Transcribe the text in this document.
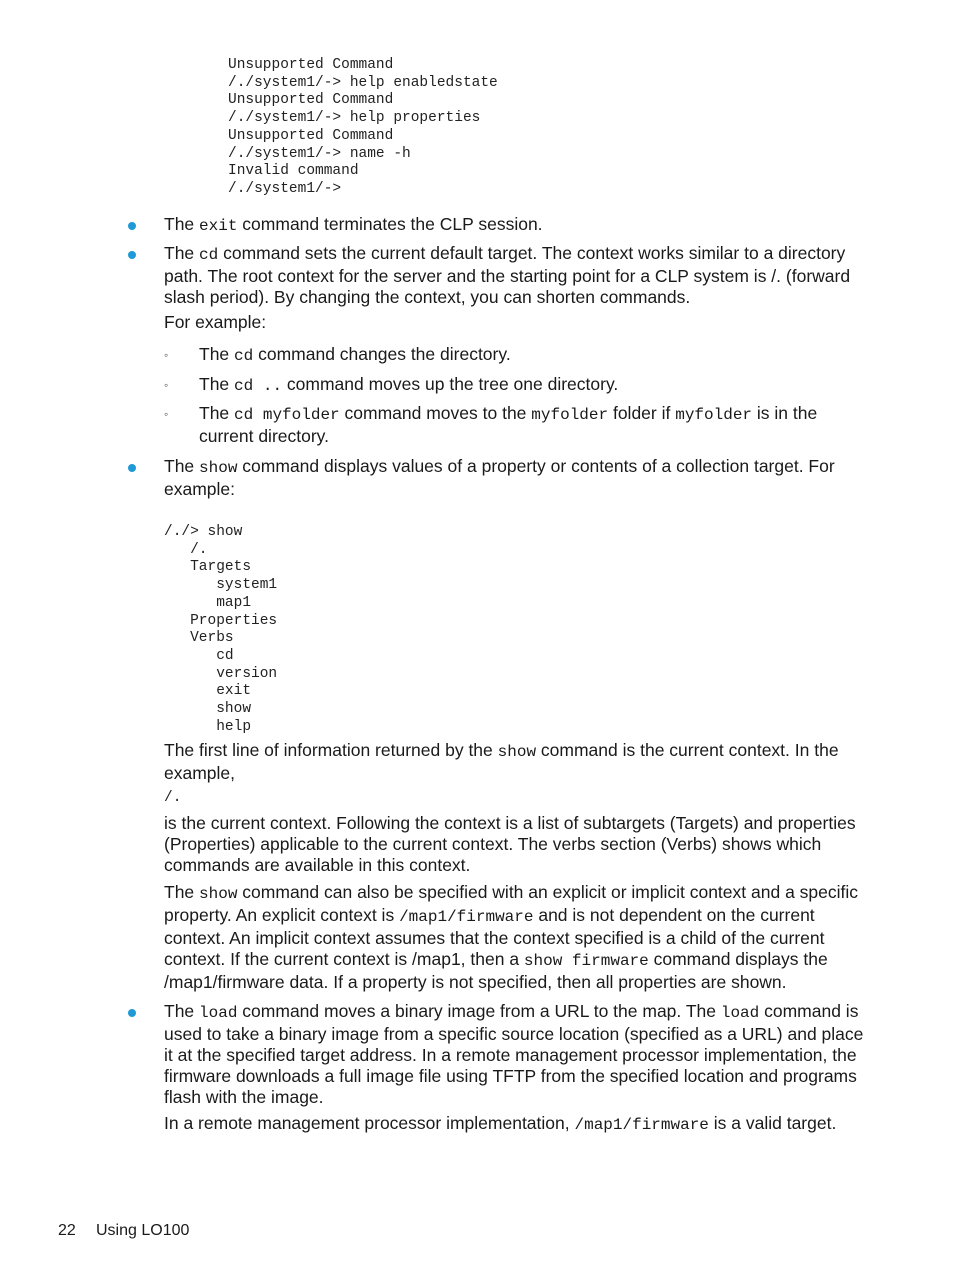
Unsupported Command
/./system1/-> help enabledstate
Unsupported Command
/./system1/-> help properties
Unsupported Command
/./system1/-> name -h
Invalid command
/./system1/->

The exit command terminates the CLP session.

The cd command sets the current default target. The context works similar to a directory path. The root context for the server and the starting point for a CLP system is /. (forward slash period). By changing the context, you can shorten commands.

For example:

◦ The cd command changes the directory.

◦ The cd .. command moves up the tree one directory.

◦ The cd myfolder command moves to the myfolder folder if myfolder is in the current directory.

The show command displays values of a property or contents of a collection target. For example:

/./> show
/.
Targets
system1
map1
Properties
Verbs
cd
version
exit
show
help

The first line of information returned by the show command is the current context. In the example,

/.

is the current context. Following the context is a list of subtargets (Targets) and properties (Properties) applicable to the current context. The verbs section (Verbs) shows which commands are available in this context.

The show command can also be specified with an explicit or implicit context and a specific property. An explicit context is /map1/firmware and is not dependent on the current context. An implicit context assumes that the context specified is a child of the current context. If the current context is /map1, then a show firmware command displays the /map1/firmware data. If a property is not specified, then all properties are shown.

The load command moves a binary image from a URL to the map. The load command is used to take a binary image from a specific source location (specified as a URL) and place it at the specified target address. In a remote management processor implementation, the firmware downloads a full image file using TFTP from the specified location and programs flash with the image.

In a remote management processor implementation, /map1/firmware is a valid target.

22 Using LO100
